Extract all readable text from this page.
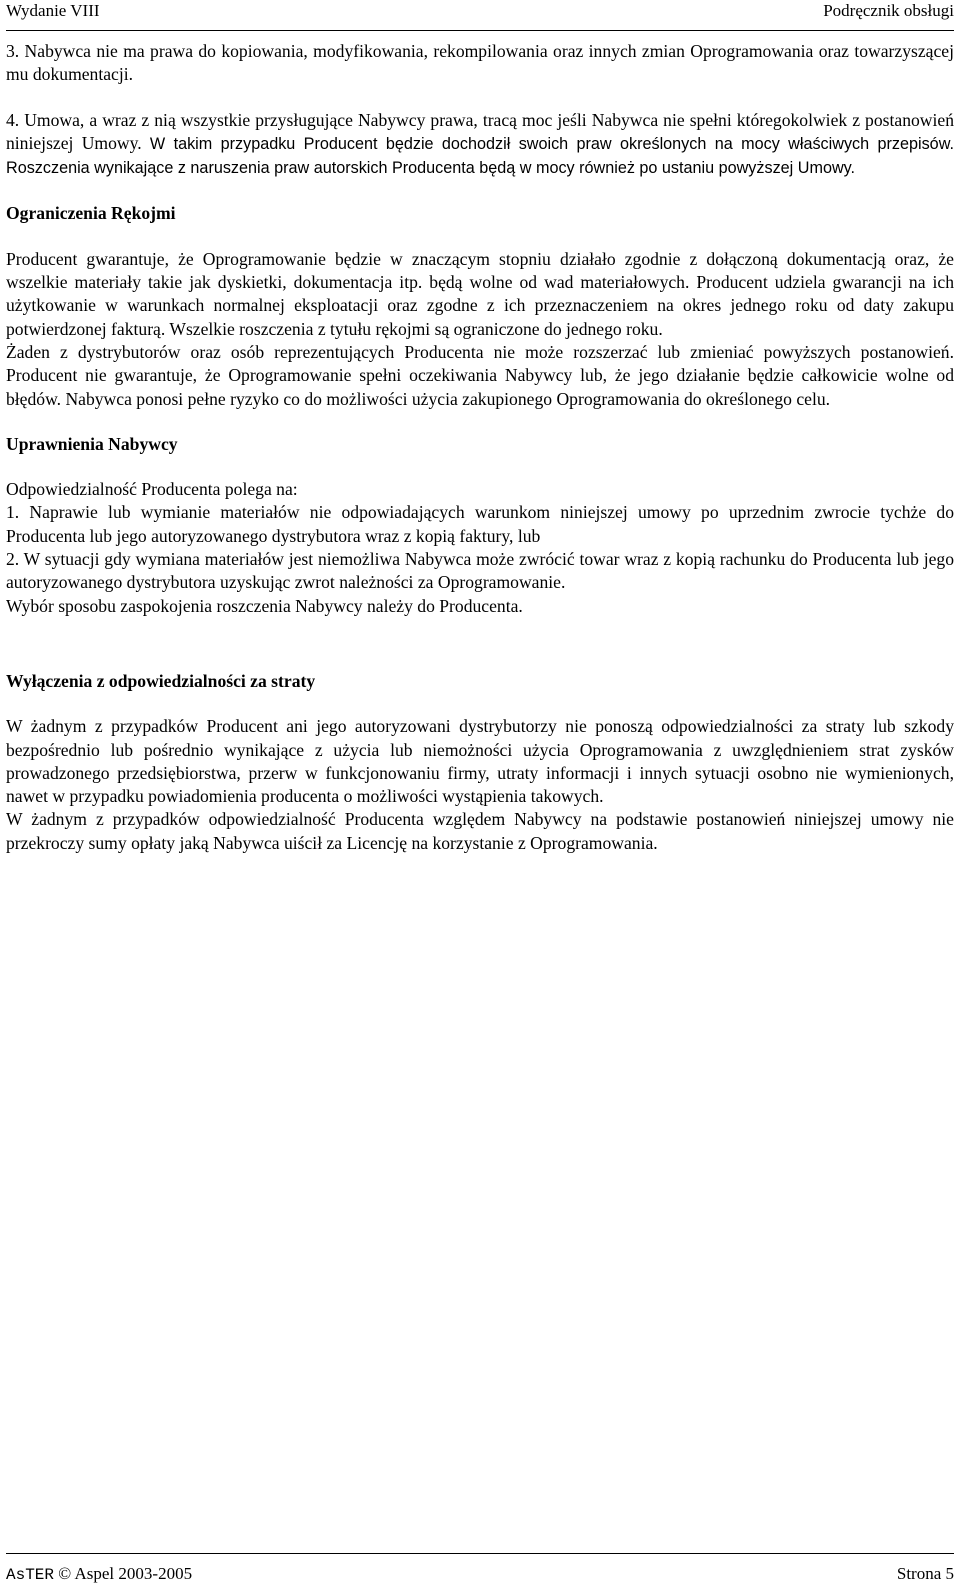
Wydanie VIII	Podręcznik obsługi

3. Nabywca nie ma prawa do kopiowania, modyfikowania, rekompilowania oraz innych zmian Oprogramowania oraz towarzyszącej mu dokumentacji.

4. Umowa, a wraz z nią wszystkie przysługujące Nabywcy prawa, tracą moc jeśli Nabywca nie spełni któregokolwiek z postanowień niniejszej Umowy. W takim przypadku Producent będzie dochodził swoich praw określonych na mocy właściwych przepisów. Roszczenia wynikające z naruszenia praw autorskich Producenta będą w mocy również po ustaniu powyższej Umowy.

Ograniczenia Rękojmi

Producent gwarantuje, że Oprogramowanie będzie w znaczącym stopniu działało zgodnie z dołączoną dokumentacją oraz, że wszelkie materiały takie jak dyskietki, dokumentacja itp. będą wolne od wad materiałowych. Producent udziela gwarancji na ich użytkowanie w warunkach normalnej eksploatacji oraz zgodne z ich przeznaczeniem na okres jednego roku od daty zakupu potwierdzonej fakturą. Wszelkie roszczenia z tytułu rękojmi są ograniczone do jednego roku.

Żaden z dystrybutorów oraz osób reprezentujących Producenta nie może rozszerzać lub zmieniać powyższych postanowień. Producent nie gwarantuje, że Oprogramowanie spełni oczekiwania Nabywcy lub, że jego działanie będzie całkowicie wolne od błędów. Nabywca ponosi pełne ryzyko co do możliwości użycia zakupionego Oprogramowania do określonego celu.

Uprawnienia Nabywcy

Odpowiedzialność Producenta polega na:

1. Naprawie lub wymianie materiałów nie odpowiadających warunkom niniejszej umowy po uprzednim zwrocie tychże do Producenta lub jego autoryzowanego dystrybutora wraz z kopią faktury, lub

2. W sytuacji gdy wymiana materiałów jest niemożliwa Nabywca może zwrócić towar wraz z kopią rachunku do Producenta lub jego autoryzowanego dystrybutora uzyskując zwrot należności za Oprogramowanie.

Wybór sposobu zaspokojenia roszczenia Nabywcy należy do Producenta.

Wyłączenia z odpowiedzialności za straty

W żadnym z przypadków Producent ani jego autoryzowani dystrybutorzy nie ponoszą odpowiedzialności za straty lub szkody bezpośrednio lub pośrednio wynikające z użycia lub niemożności użycia Oprogramowania z uwzględnieniem strat zysków prowadzonego przedsiębiorstwa, przerw w funkcjonowaniu firmy, utraty informacji i innych sytuacji osobno nie wymienionych, nawet w przypadku powiadomienia producenta o możliwości wystąpienia takowych.

W żadnym z przypadków odpowiedzialność Producenta względem Nabywcy na podstawie postanowień niniejszej umowy nie przekroczy sumy opłaty jaką Nabywca uiścił za Licencję na korzystanie z Oprogramowania.

AsTER © Aspel 2003-2005	Strona 5
